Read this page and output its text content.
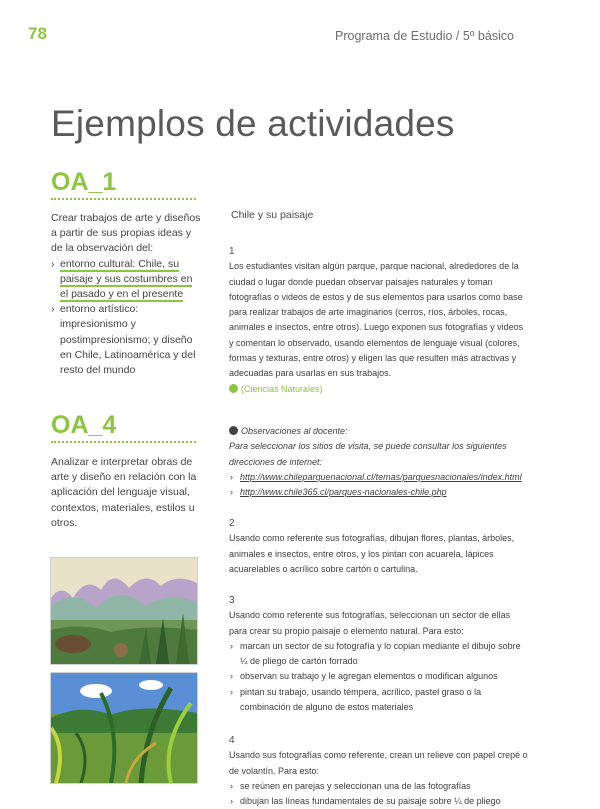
78	Programa de Estudio / 5º básico
Ejemplos de actividades
OA_1
Crear trabajos de arte y diseños a partir de sus propias ideas y de la observación del:
› entorno cultural: Chile, su paisaje y sus costumbres en el pasado y en el presente
› entorno artístico: impresionismo y postimpresionismo; y diseño en Chile, Latinoamérica y del resto del mundo
OA_4
Analizar e interpretar obras de arte y diseño en relación con la aplicación del lenguaje visual, contextos, materiales, estilos u otros.
Chile y su paisaje
1

Los estudiantes visitan algún parque, parque nacional, alrededores de la ciudad o lugar donde puedan observar paisajes naturales y toman fotografías o videos de estos y de sus elementos para usarlos como base para realizar trabajos de arte imaginarios (cerros, ríos, árboles, rocas, animales e insectos, entre otros). Luego exponen sus fotografías y videos y comentan lo observado, usando elementos de lenguaje visual (colores, formas y texturas, entre otros) y eligen las que resulten más atractivas y adecuadas para usarlas en sus trabajos.

(Ciencias Naturales)
Observaciones al docente:

Para seleccionar los sitios de visita, se puede consultar los siguientes direcciones de internet:

› http://www.chileparquenacional.cl/temas/parquesnacionales/index.html
› http://www.chile365.cl/parques-nacionales-chile.php
2

Usando como referente sus fotografías, dibujan flores, plantas, árboles, animales e insectos, entre otros, y los pintan con acuarela, lápices acuarelables o acrílico sobre cartón o cartulina.

3

Usando como referente sus fotografías, seleccionan un sector de ellas para crear su propio paisaje o elemento natural. Para esto:

› marcan un sector de su fotografía y lo copian mediante el dibujo sobre ¼ de pliego de cartón forrado
› observan su trabajo y le agregan elementos o modifican algunos
› pintan su trabajo, usando témpera, acrílico, pastel graso o la combinación de alguno de estos materiales
4

Usando sus fotografías como referente, crean un relieve con papel crepé o de volantín. Para esto:

› se reúnen en parejas y seleccionan una de las fotografías
› dibujan las líneas fundamentales de su paisaje sobre ¼ de pliego
